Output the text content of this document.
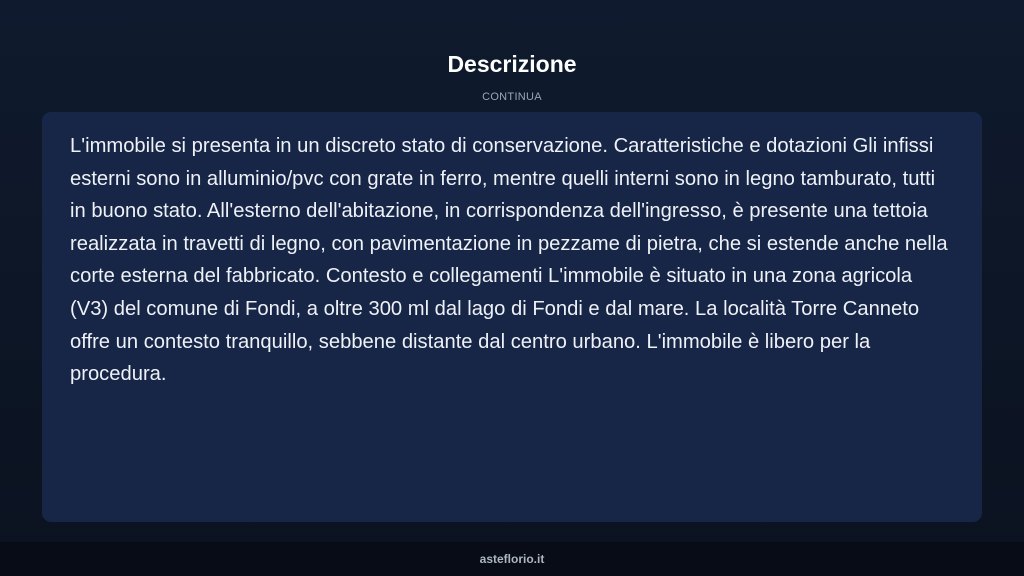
Descrizione
CONTINUA

L'immobile si presenta in un discreto stato di conservazione. Caratteristiche e dotazioni Gli infissi esterni sono in alluminio/pvc con grate in ferro, mentre quelli interni sono in legno tamburato, tutti in buono stato. All'esterno dell'abitazione, in corrispondenza dell'ingresso, è presente una tettoia realizzata in travetti di legno, con pavimentazione in pezzame di pietra, che si estende anche nella corte esterna del fabbricato. Contesto e collegamenti L'immobile è situato in una zona agricola (V3) del comune di Fondi, a oltre 300 ml dal lago di Fondi e dal mare. La località Torre Canneto offre un contesto tranquillo, sebbene distante dal centro urbano. L'immobile è libero per la procedura.

asteflorio.it
